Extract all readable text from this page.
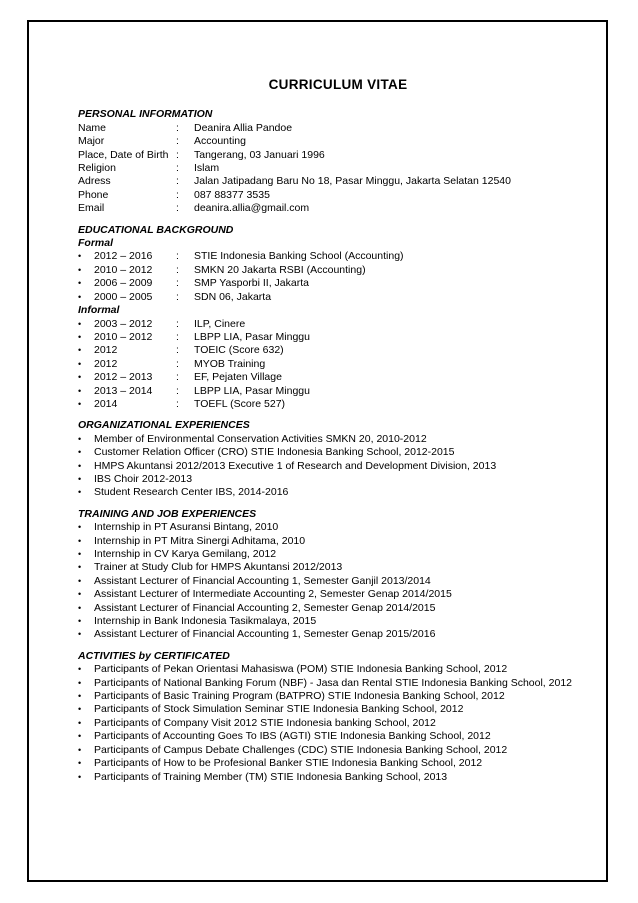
CURRICULUM VITAE
PERSONAL INFORMATION
Name	:	Deanira Allia Pandoe
Major	:	Accounting
Place, Date of Birth :	Tangerang, 03 Januari 1996
Religion	:	Islam
Adress	:	Jalan Jatipadang Baru No 18, Pasar Minggu, Jakarta Selatan 12540
Phone	:	087 88377 3535
Email	:	deanira.allia@gmail.com
EDUCATIONAL BACKGROUND
Formal
•	2012 – 2016	:	STIE Indonesia Banking School (Accounting)
•	2010 – 2012	:	SMKN 20 Jakarta RSBI (Accounting)
•	2006 – 2009	:	SMP Yasporbi II, Jakarta
•	2000 – 2005	:	SDN 06, Jakarta
Informal
•	2003 – 2012	:	ILP, Cinere
•	2010 – 2012	:	LBPP LIA, Pasar Minggu
•	2012	:	TOEIC (Score 632)
•	2012	:	MYOB Training
•	2012 – 2013	:	EF, Pejaten Village
•	2013 – 2014	:	LBPP LIA, Pasar Minggu
•	2014	:	TOEFL (Score 527)
ORGANIZATIONAL EXPERIENCES
•	Member of Environmental Conservation Activities SMKN 20, 2010-2012
•	Customer Relation Officer (CRO) STIE Indonesia Banking School, 2012-2015
•	HMPS Akuntansi 2012/2013 Executive 1 of Research and Development Division, 2013
•	IBS Choir 2012-2013
•	Student Research Center IBS, 2014-2016
TRAINING AND JOB EXPERIENCES
•	Internship in PT Asuransi Bintang, 2010
•	Internship in PT Mitra Sinergi Adhitama, 2010
•	Internship in CV Karya Gemilang, 2012
•	Trainer at Study Club for HMPS Akuntansi 2012/2013
•	Assistant Lecturer of Financial Accounting 1, Semester Ganjil 2013/2014
•	Assistant Lecturer of Intermediate Accounting 2, Semester Genap 2014/2015
•	Assistant Lecturer of Financial Accounting 2, Semester Genap 2014/2015
•	Internship in Bank Indonesia Tasikmalaya, 2015
•	Assistant Lecturer of Financial Accounting 1, Semester Genap 2015/2016
ACTIVITIES by CERTIFICATED
•	Participants of Pekan Orientasi Mahasiswa (POM) STIE Indonesia Banking School, 2012
•	Participants of National Banking Forum (NBF) - Jasa dan Rental STIE Indonesia Banking School, 2012
•	Participants of Basic Training Program (BATPRO) STIE Indonesia Banking School, 2012
•	Participants of Stock Simulation Seminar STIE Indonesia Banking School, 2012
•	Participants of Company Visit 2012 STIE Indonesia banking School, 2012
•	Participants of Accounting Goes To IBS (AGTI) STIE Indonesia Banking School, 2012
•	Participants of Campus Debate Challenges (CDC) STIE Indonesia Banking School, 2012
•	Participants of How to be Profesional Banker STIE Indonesia Banking School, 2012
•	Participants of Training Member (TM) STIE Indonesia Banking School, 2013
